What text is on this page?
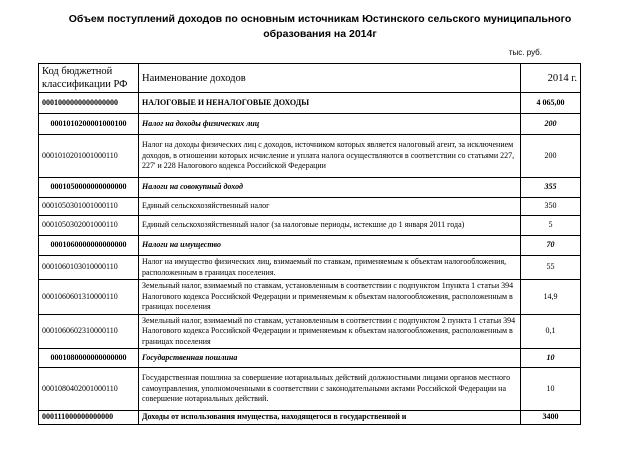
Объем поступлений доходов по основным источникам Юстинского сельского муниципального образования на 2014г
тыс. руб.
Код бюджетной классификации РФ	Наименование доходов	2014 г.
0001000000000000000	НАЛОГОВЫЕ И НЕНАЛОГОВЫЕ ДОХОДЫ	4 065,00
0001010200001000100	Налог на доходы физических лиц	200
0001010201001000110	Налог на доходы физических лиц с доходов, источником которых является налоговый агент, за исключением доходов, в отношении которых исчисление и уплата налога осуществляются в соответствии со статьями 227, 227' и 228 Налогового кодекса Российской Федерации	200
0001050000000000000	Налоги на совокупный доход	355
0001050301001000110	Единый сельскохозяйственный налог	350
0001050302001000110	Единый сельскохозяйственный налог (за налоговые периоды, истекшие до 1 января 2011 года)	5
0001060000000000000	Налоги на имущество	70
0001060103010000110	Налог на имущество физических лиц, взимаемый по ставкам, применяемым к объектам налогообложения, расположенным в границах поселения.	55
0001060601310000110	Земельный налог, взимаемый по ставкам, установленным в соответствии с подпунктом 1пункта 1 статьи 394 Налогового кодекса Российской Федерации и применяемым к объектам налогообложения, расположенным в границах поселения	14,9
0001060602310000110	Земельный налог, взимаемый по ставкам, установленным в соответствии с подпунктом 2 пункта 1 статьи 394 Налогового кодекса Российской Федерации и применяемым к объектам налогообложения, расположенным в границах поселения	0,1
0001080000000000000	Государственная пошлина	10
0001080402001000110	Государственная пошлина за совершение нотариальных действий должностными лицами органов местного самоуправления, уполномоченными в соответствии с законодательными актами Российской Федерации на совершение нотариальных действий.	10
000111000000000000	Доходы от использования имущества, находящегося в государственной и	3400
